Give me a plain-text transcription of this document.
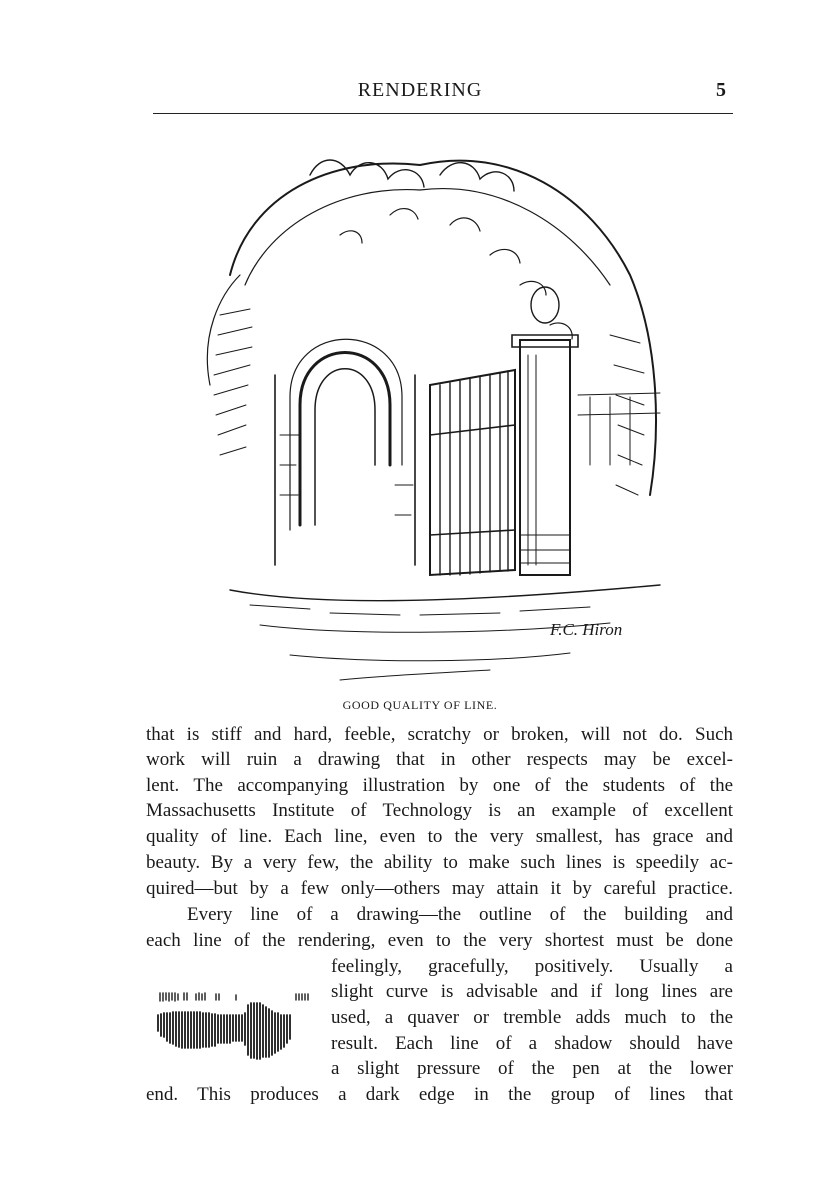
RENDERING	5
F.C. Hiron
GOOD QUALITY OF LINE.
that is stiff and hard, feeble, scratchy or broken, will not do. Such
work will ruin a drawing that in other respects may be excel-
lent. The accompanying illustration by one of the students of the
Massachusetts Institute of Technology is an example of excellent
quality of line. Each line, even to the very smallest, has grace and
beauty. By a very few, the ability to make such lines is speedily ac-
quired—but by a few only—others may attain it by careful practice.
Every line of a drawing—the outline of the building and
each line of the rendering, even to the very shortest must be done
feelingly, gracefully, positively. Usually a
slight curve is advisable and if long lines are
used, a quaver or tremble adds much to the
result. Each line of a shadow should have
a slight pressure of the pen at the lower
end. This produces a dark edge in the group of lines that
